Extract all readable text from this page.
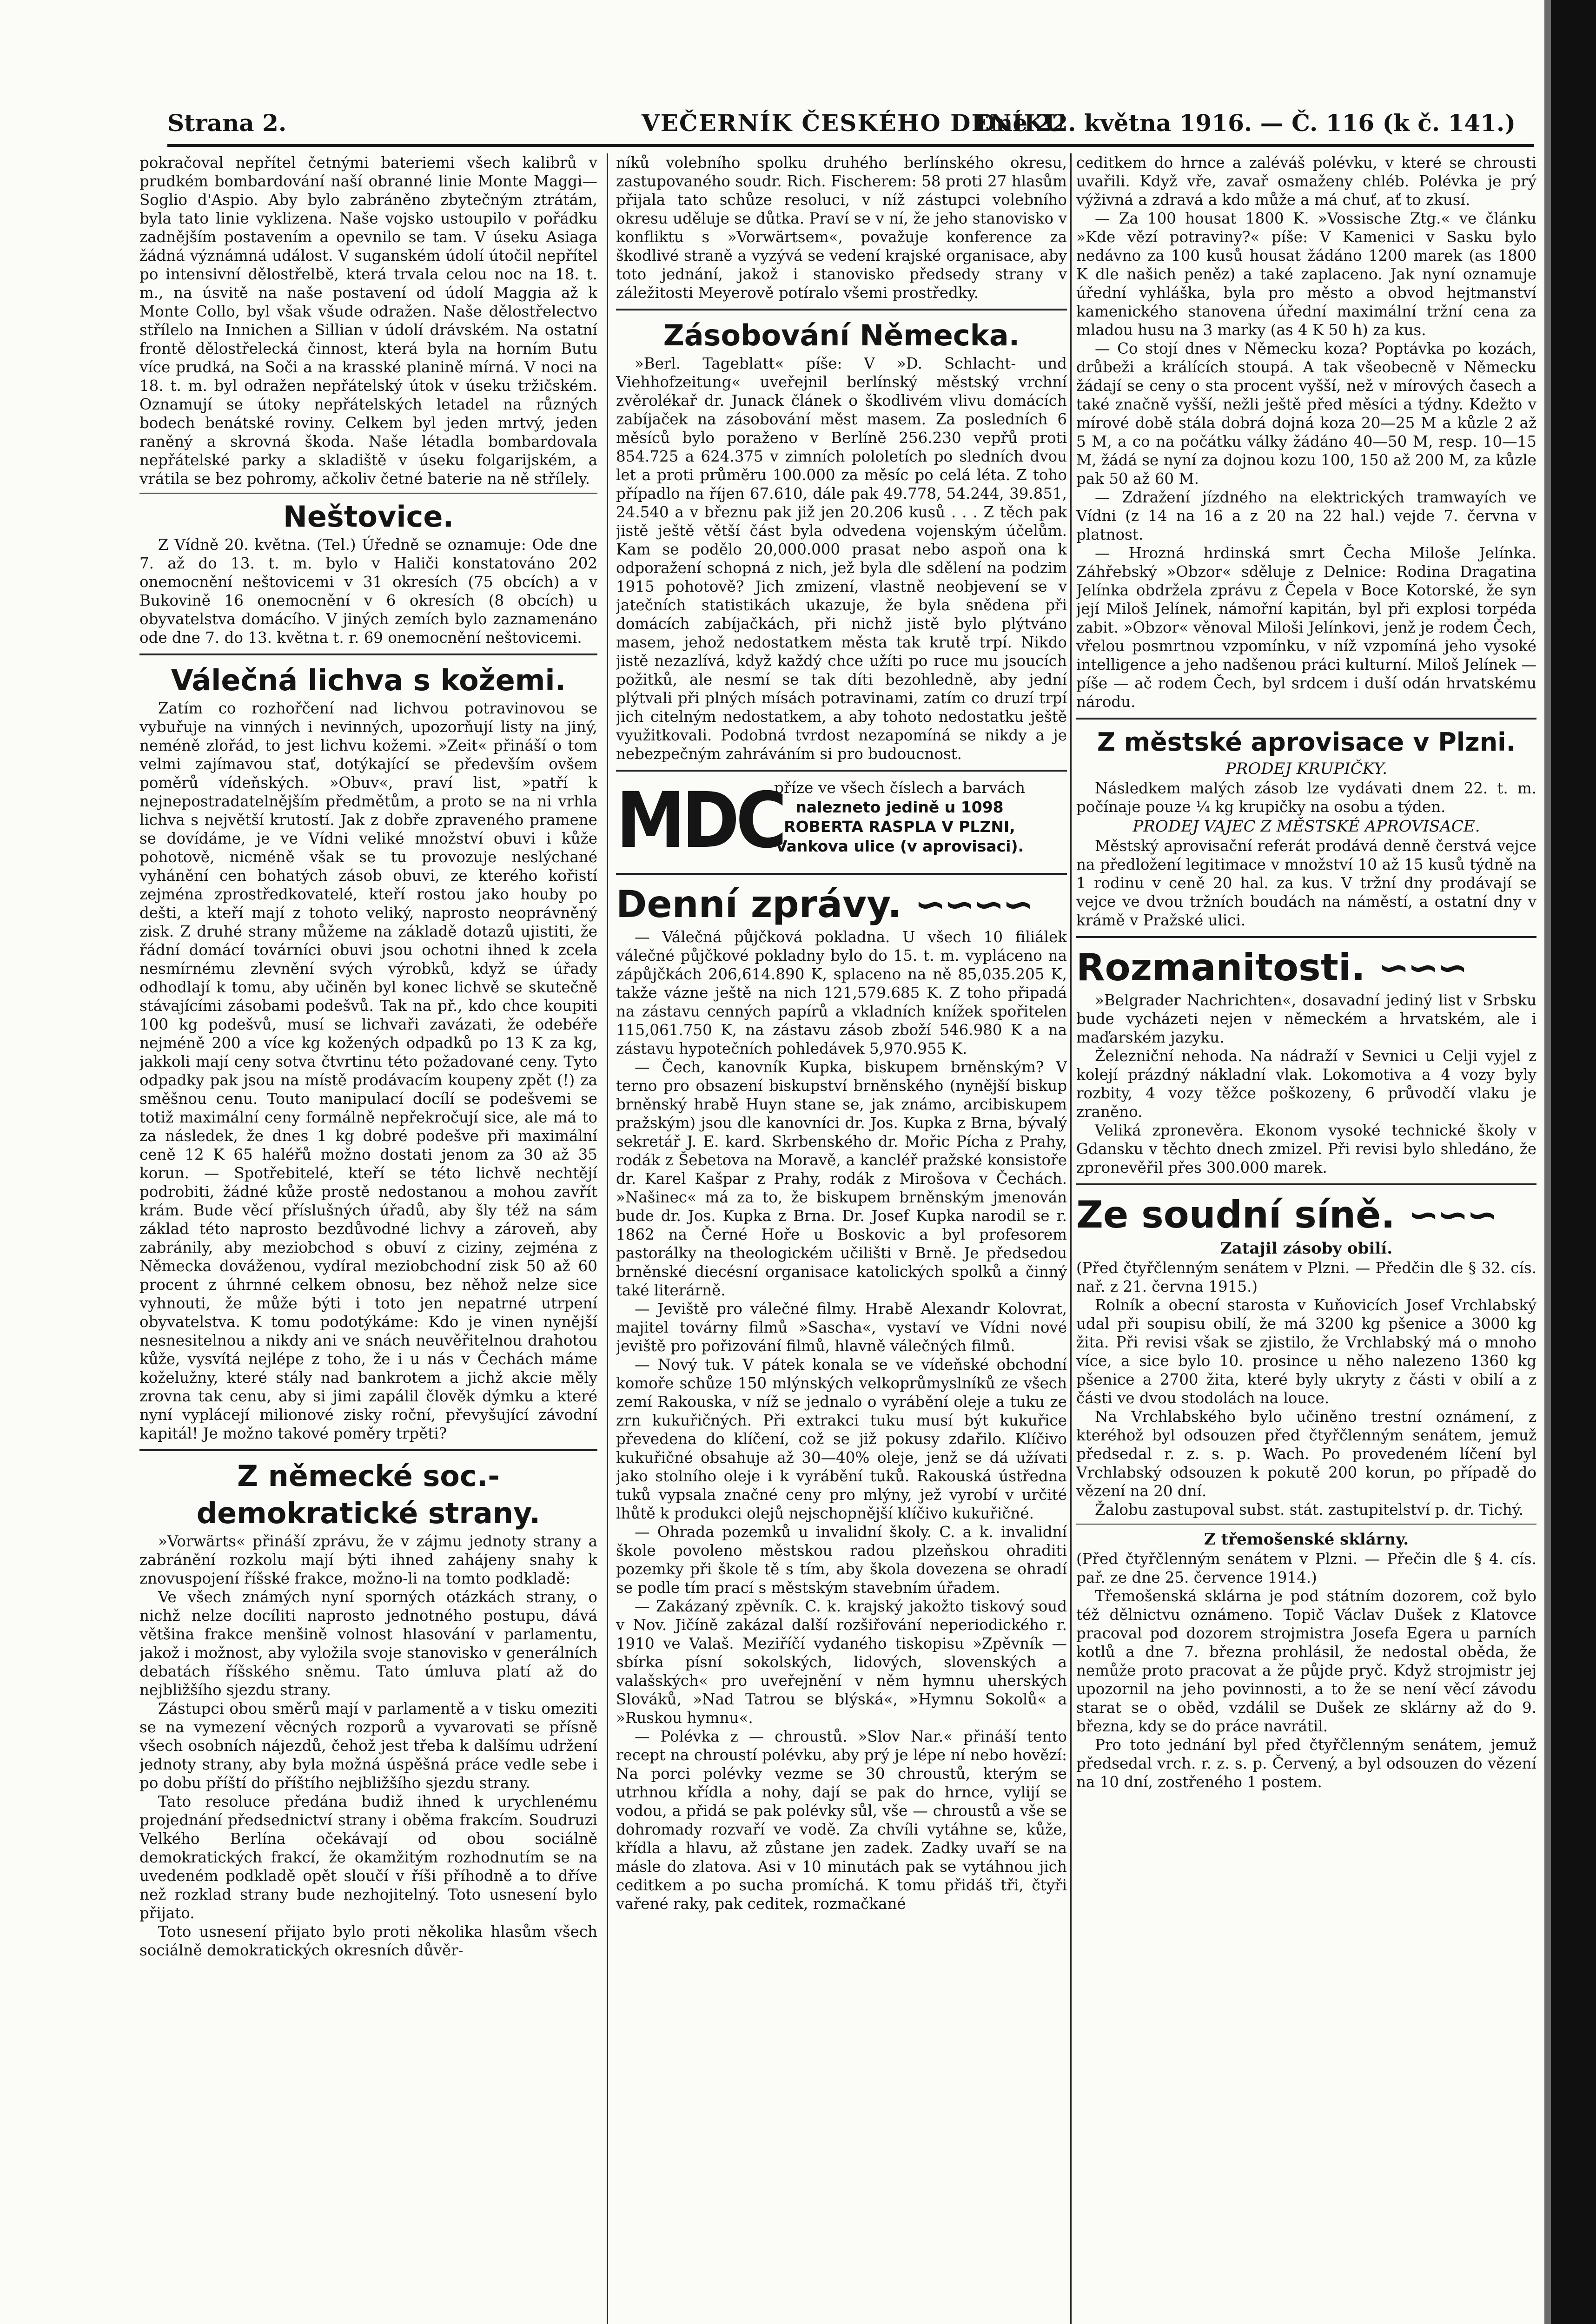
Strana 2.	VEČERNÍK ČESKÉHO DENÍKU
Dne 22. května 1916. — Č. 116 (k č. 141.)

pokračoval nepřítel četnými bateriemi všech kalibrů v prudkém bombardování naší obranné linie Monte Maggi—Soglio d'Aspio. Aby bylo zabráněno zbytečným ztrátám, byla tato linie vyklizena. Naše vojsko ustoupilo v pořádku zadnějším postavením a opevnilo se tam. V úseku Asiaga žádná význámná událost. V suganském údolí útočil nepřítel po intensivní dělostřelbě, která trvala celou noc na 18. t. m., na úsvitě na naše postavení od údolí Maggia až k Monte Collo, byl však všude odražen. Naše dělostřelectvo střílelo na Innichen a Sillian v údolí drávském. Na ostatní frontě dělostřelecká činnost, která byla na horním Butu více prudká, na Soči a na krasské planině mírná. V noci na 18. t. m. byl odražen nepřátelský útok v úseku tržičském. Oznamují se útoky nepřátelských letadel na různých bodech benátské roviny. Celkem byl jeden mrtvý, jeden raněný a skrovná škoda. Naše létadla bombardovala nepřátelské parky a skladiště v úseku folgarijském, a vrátila se bez pohromy, ačkoliv četné baterie na ně střílely.

Neštovice.

Z Vídně 20. května. (Tel.) Úředně se oznamuje: Ode dne 7. až do 13. t. m. bylo v Haliči konstatováno 202 onemocnění neštovicemi v 31 okresích (75 obcích) a v Bukovině 16 onemocnění v 6 okresích (8 obcích) u obyvatelstva domácího. V jiných zemích bylo zaznamenáno ode dne 7. do 13. května t. r. 69 onemocnění neštovicemi.

Válečná lichva s kožemi.

Zatím co rozhořčení nad lichvou potravinovou se vybuřuje na vinných i nevinných, upozorňují listy na jiný, neméně zlořád, to jest lichvu kožemi. »Zeit« přináší o tom velmi zajímavou stať, dotýkající se především ovšem poměrů vídeňských. »Obuv«, praví list, »patří k nejnepostradatelnějším předmětům, a proto se na ni vrhla lichva s největší krutostí. Jak z dobře zpraveného pramene se dovídáme, je ve Vídni veliké množství obuvi i kůže pohotově, nicméně však se tu provozuje neslýchané vyhánění cen bohatých zásob obuvi, ze kterého kořistí zejména zprostředkovatelé, kteří rostou jako houby po dešti, a kteří mají z tohoto veliký, naprosto neoprávněný zisk. Z druhé strany můžeme na základě dotazů ujistiti, že řádní domácí továrníci obuvi jsou ochotni ihned k zcela nesmírnému zlevnění svých výrobků, když se úřady odhodlají k tomu, aby učiněn byl konec lichvě se skutečně stávajícími zásobami podešvů. Tak na př., kdo chce koupiti 100 kg podešvů, musí se lichvaři zavázati, že odebéře nejméně 200 a více kg kožených odpadků po 13 K za kg, jakkoli mají ceny sotva čtvrtinu této požadované ceny. Tyto odpadky pak jsou na místě prodávacím koupeny zpět (!) za směšnou cenu. Touto manipulací docílí se podešvemi se totiž maximální ceny formálně nepřekročují sice, ale má to za následek, že dnes 1 kg dobré podešve při maximální ceně 12 K 65 haléřů možno dostati jenom za 30 až 35 korun. — Spotřebitelé, kteří se této lichvě nechtějí podrobiti, žádné kůže prostě nedostanou a mohou zavřít krám. Bude věcí příslušných úřadů, aby šly též na sám základ této naprosto bezdůvodné lichvy a zároveň, aby zabránily, aby meziobchod s obuví z ciziny, zejména z Německa dováženou, vydíral meziobchodní zisk 50 až 60 procent z úhrnné celkem obnosu, bez něhož nelze sice vyhnouti, že může býti i toto jen nepatrné utrpení obyvatelstva. K tomu podotýkáme: Kdo je vinen nynější nesnesitelnou a nikdy ani ve snách neuvěřitelnou drahotou kůže, vysvítá nejlépe z toho, že i u nás v Čechách máme koželužny, které stály nad bankrotem a jichž akcie měly zrovna tak cenu, aby si jimi zapálil člověk dýmku a které nyní vyplácejí milionové zisky roční, převyšující závodní kapitál! Je možno takové poměry trpěti?

Z německé soc.-demokratické strany.

»Vorwärts« přináší zprávu, že v zájmu jednoty strany a zabránění rozkolu mají býti ihned zahájeny snahy k znovuspojení říšské frakce, možno-li na tomto podkladě:

Ve všech známých nyní sporných otázkách strany, o nichž nelze docíliti naprosto jednotného postupu, dává většina frakce menšině volnost hlasování v parlamentu, jakož i možnost, aby vyložila svoje stanovisko v generálních debatách říšského sněmu. Tato úmluva platí až do nejbližšího sjezdu strany.

Zástupci obou směrů mají v parlamentě a v tisku omeziti se na vymezení věcných rozporů a vyvarovati se přísně všech osobních nájezdů, čehož jest třeba k dalšímu udržení jednoty strany, aby byla možná úspěšná práce vedle sebe i po dobu příští do příštího nejbližšího sjezdu strany.

Tato resoluce předána budiž ihned k urychlenému projednání předsednictví strany i oběma frakcím. Soudruzi Velkého Berlína očekávají od obou sociálně demokratických frakcí, že okamžitým rozhodnutím se na uvedeném podkladě opět sloučí v říši příhodně a to dříve než rozklad strany bude nezhojitelný. Toto usnesení bylo přijato.

Toto usnesení přijato bylo proti několika hlasům všech sociálně demokratických okresních důvěr-

níků volebního spolku druhého berlínského okresu, zastupovaného soudr. Rich. Fischerem: 58 proti 27 hlasům přijala tato schůze resoluci, v níž zástupci volebního okresu uděluje se důtka. Praví se v ní, že jeho stanovisko v konfliktu s »Vorwärtsem«, považuje konference za škodlivé straně a vyzývá se vedení krajské organisace, aby toto jednání, jakož i stanovisko předsedy strany v záležitosti Meyerově potíralo všemi prostředky.

Zásobování Německa.

»Berl. Tageblatt« píše: V »D. Schlacht- und Viehhofzeitung« uveřejnil berlínský městský vrchní zvěrolékař dr. Junack článek o škodlivém vlivu domácích zabíjaček na zásobování měst masem. Za posledních 6 měsíců bylo poraženo v Berlíně 256.230 vepřů proti 854.725 a 624.375 v zimních pololetích po sledních dvou let a proti průměru 100.000 za měsíc po celá léta. Z toho případlo na říjen 67.610, dále pak 49.778, 54.244, 39.851, 24.540 a v březnu pak již jen 20.206 kusů . . . Z těch pak jistě ještě větší část byla odvedena vojenským účelům. Kam se podělo 20,000.000 prasat nebo aspoň ona k odporažení schopná z nich, jež byla dle sdělení na podzim 1915 pohotově? Jich zmizení, vlastně neobjevení se v jatečních statistikách ukazuje, že byla snědena při domácích zabíjačkách, při nichž jistě bylo plýtváno masem, jehož nedostatkem města tak krutě trpí. Nikdo jistě nezazlívá, když každý chce užíti po ruce mu jsoucích požitků, ale nesmí se tak díti bezohledně, aby jední plýtvali při plných mísách potravinami, zatím co druzí trpí jich citelným nedostatkem, a aby tohoto nedostatku ještě využitkovali. Podobná tvrdost nezapomíná se nikdy a je nebezpečným zahráváním si pro budoucnost.

MDC
příze ve všech číslech a barvách
nalezneto jedině u 1098
ROBERTA RASPLA V PLZNI,
Vankova ulice (v aprovisaci).

Denní zprávy. ∽∽∽∽

— Válečná půjčková pokladna. U všech 10 filiálek válečné půjčkové pokladny bylo do 15. t. m. vypláceno na zápůjčkách 206,614.890 K, splaceno na ně 85,035.205 K, takže vázne ještě na nich 121,579.685 K. Z toho připadá na zástavu cenných papírů a vkladních knížek spořitelen 115,061.750 K, na zástavu zásob zboží 546.980 K a na zástavu hypotečních pohledávek 5,970.955 K.

— Čech, kanovník Kupka, biskupem brněnským? V terno pro obsazení biskupství brněnského (nynější biskup brněnský hrabě Huyn stane se, jak známo, arcibiskupem pražským) jsou dle kanovníci dr. Jos. Kupka z Brna, bývalý sekretář J. E. kard. Skrbenského dr. Mořic Pícha z Prahy, rodák z Šebetova na Moravě, a kancléř pražské konsistoře dr. Karel Kašpar z Prahy, rodák z Mirošova v Čechách. »Našinec« má za to, že biskupem brněnským jmenován bude dr. Jos. Kupka z Brna. Dr. Josef Kupka narodil se r. 1862 na Černé Hoře u Boskovic a byl profesorem pastorálky na theologickém učilišti v Brně. Je předsedou brněnské diecésní organisace katolických spolků a činný také literárně.

— Jeviště pro válečné filmy. Hrabě Alexandr Kolovrat, majitel továrny filmů »Sascha«, vystaví ve Vídni nové jeviště pro pořizování filmů, hlavně válečných filmů.

— Nový tuk. V pátek konala se ve vídeňské obchodní komoře schůze 150 mlýnských velkoprůmyslníků ze všech zemí Rakouska, v níž se jednalo o vyrábění oleje a tuku ze zrn kukuřičných. Při extrakci tuku musí být kukuřice převedena do klíčení, což se již pokusy zdařilo. Klíčivo kukuřičné obsahuje až 30—40% oleje, jenž se dá užívati jako stolního oleje i k vyrábění tuků. Rakouská ústředna tuků vypsala značné ceny pro mlýny, jež vyrobí v určité lhůtě k produkci olejů nejschopnější klíčivo kukuřičné.

— Ohrada pozemků u invalidní školy. C. a k. invalidní škole povoleno městskou radou plzeňskou ohraditi pozemky při škole tě s tím, aby škola dovezena se ohradí se podle tím prací s městským stavebním úřadem.

— Zakázaný zpěvník. C. k. krajský jakožto tiskový soud v Nov. Jičíně zakázal další rozšiřování neperiodického r. 1910 ve Valaš. Meziříčí vydaného tiskopisu »Zpěvník — sbírka písní sokolských, lidových, slovenských a valašských« pro uveřejnění v něm hymnu uherských Slováků, »Nad Tatrou se blýská«, »Hymnu Sokolů« a »Ruskou hymnu«.

— Polévka z — chroustů. »Slov Nar.« přináší tento recept na chroustí polévku, aby prý je lépe ní nebo hovězí: Na porci polévky vezme se 30 chroustů, kterým se utrhnou křídla a nohy, dají se pak do hrnce, vylijí se vodou, a přidá se pak polévky sůl, vše — chroustů a vše se dohromady rozvaří ve vodě. Za chvíli vytáhne se, kůže, křídla a hlavu, až zůstane jen zadek. Zadky uvaří se na másle do zlatova. Asi v 10 minutách pak se vytáhnou jich ceditkem a po sucha promíchá. K tomu přidáš tři, čtyři vařené raky, pak ceditek, rozmačkané

ceditkem do hrnce a zaléváš polévku, v které se chrousti uvařili. Když vře, zavař osmaženy chléb. Polévka je prý výživná a zdravá a kdo může a má chuť, ať to zkusí.

— Za 100 housat 1800 K. »Vossische Ztg.« ve článku »Kde vězí potraviny?« píše: V Kamenici v Sasku bylo nedávno za 100 kusů housat žádáno 1200 marek (as 1800 K dle našich peněz) a také zaplaceno. Jak nyní oznamuje úřední vyhláška, byla pro město a obvod hejtmanství kamenického stanovena úřední maximální tržní cena za mladou husu na 3 marky (as 4 K 50 h) za kus.

— Co stojí dnes v Německu koza? Poptávka po kozách, drůbeži a králících stoupá. A tak všeobecně v Německu žádají se ceny o sta procent vyšší, než v mírových časech a také značně vyšší, nežli ještě před měsíci a týdny. Kdežto v mírové době stála dobrá dojná koza 20—25 M a kůzle 2 až 5 M, a co na počátku války žádáno 40—50 M, resp. 10—15 M, žádá se nyní za dojnou kozu 100, 150 až 200 M, za kůzle pak 50 až 60 M.

— Zdražení jízdného na elektrických tramwayích ve Vídni (z 14 na 16 a z 20 na 22 hal.) vejde 7. června v platnost.

— Hrozná hrdinská smrt Čecha Miloše Jelínka. Záhřebský »Obzor« sděluje z Delnice: Rodina Dragatina Jelínka obdržela zprávu z Čepela v Boce Kotorské, že syn její Miloš Jelínek, námořní kapitán, byl při explosi torpéda zabit. »Obzor« věnoval Miloši Jelínkovi, jenž je rodem Čech, vřelou posmrtnou vzpomínku, v níž vzpomíná jeho vysoké intelligence a jeho nadšenou práci kulturní. Miloš Jelínek — píše — ač rodem Čech, byl srdcem i duší odán hrvatskému národu.

Z městské aprovisace v Plzni.

PRODEJ KRUPIČKY.

Následkem malých zásob lze vydávati dnem 22. t. m. počínaje pouze ¼ kg krupičky na osobu a týden.

PRODEJ VAJEC Z MĚSTSKÉ APROVISACE.

Městský aprovisační referát prodává denně čerstvá vejce na předložení legitimace v množství 10 až 15 kusů týdně na 1 rodinu v ceně 20 hal. za kus. V tržní dny prodávají se vejce ve dvou tržních boudách na náměstí, a ostatní dny v krámě v Pražské ulici.

Rozmanitosti. ∽∽∽

»Belgrader Nachrichten«, dosavadní jediný list v Srbsku bude vycházeti nejen v německém a hrvatském, ale i maďarském jazyku.

Železniční nehoda. Na nádraží v Sevnici u Celji vyjel z kolejí prázdný nákladní vlak. Lokomotiva a 4 vozy byly rozbity, 4 vozy těžce poškozeny, 6 průvodčí vlaku je zraněno.

Veliká zpronevěra. Ekonom vysoké technické školy v Gdansku v těchto dnech zmizel. Při revisi bylo shledáno, že zpronevěřil přes 300.000 marek.

Ze soudní síně. ∽∽∽

Zatajil zásoby obilí.

(Před čtyřčlenným senátem v Plzni. — Předčin dle § 32. cís. nař. z 21. června 1915.)

Rolník a obecní starosta v Kuňovicích Josef Vrchlabský udal při soupisu obilí, že má 3200 kg pšenice a 3000 kg žita. Při revisi však se zjistilo, že Vrchlabský má o mnoho více, a sice bylo 10. prosince u něho nalezeno 1360 kg pšenice a 2700 žita, které byly ukryty z části v obilí a z části ve dvou stodolách na louce.

Na Vrchlabského bylo učiněno trestní oznámení, z kteréhož byl odsouzen před čtyřčlenným senátem, jemuž předsedal r. z. s. p. Wach. Po provedeném líčení byl Vrchlabský odsouzen k pokutě 200 korun, po případě do vězení na 20 dní.

Žalobu zastupoval subst. stát. zastupitelství p. dr. Tichý.

Z třemošenské sklárny.

(Před čtyřčlenným senátem v Plzni. — Přečin dle § 4. cís. pař. ze dne 25. července 1914.)

Třemošenská sklárna je pod státním dozorem, což bylo též dělnictvu oznámeno. Topič Václav Dušek z Klatovce pracoval pod dozorem strojmistra Josefa Egera u parních kotlů a dne 7. března prohlásil, že nedostal oběda, že nemůže proto pracovat a že půjde pryč. Když strojmistr jej upozornil na jeho povinnosti, a to že se není věcí závodu starat se o oběd, vzdálil se Dušek ze sklárny až do 9. března, kdy se do práce navrátil.

Pro toto jednání byl před čtyřčlenným senátem, jemuž předsedal vrch. r. z. s. p. Červený, a byl odsouzen do vězení na 10 dní, zostřeného 1 postem.
